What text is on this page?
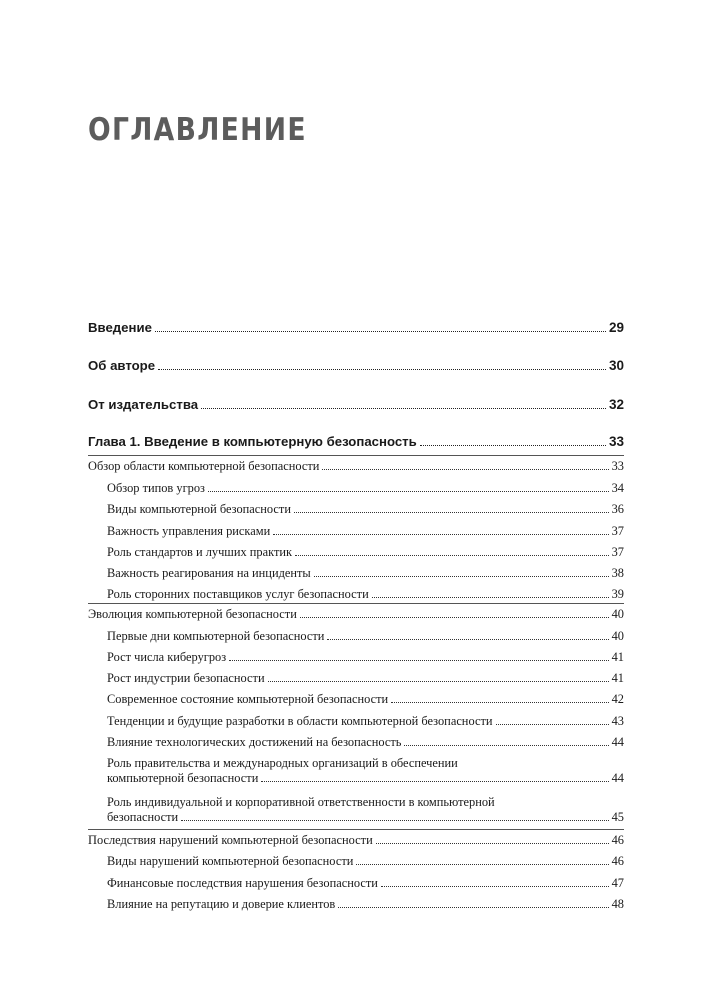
ОГЛАВЛЕНИЕ
Введение	29
Об авторе	30
От издательства	32
Глава 1. Введение в компьютерную безопасность	33
Обзор области компьютерной безопасности	33
Обзор типов угроз	34
Виды компьютерной безопасности	36
Важность управления рисками	37
Роль стандартов и лучших практик	37
Важность реагирования на инциденты	38
Роль сторонних поставщиков услуг безопасности	39
Эволюция компьютерной безопасности	40
Первые дни компьютерной безопасности	40
Рост числа киберугроз	41
Рост индустрии безопасности	41
Современное состояние компьютерной безопасности	42
Тенденции и будущие разработки в области компьютерной безопасности	43
Влияние технологических достижений на безопасность	44
Роль правительства и международных организаций в обеспечении
компьютерной безопасности	44
Роль индивидуальной и корпоративной ответственности в компьютерной
безопасности	45
Последствия нарушений компьютерной безопасности	46
Виды нарушений компьютерной безопасности	46
Финансовые последствия нарушения безопасности	47
Влияние на репутацию и доверие клиентов	48
